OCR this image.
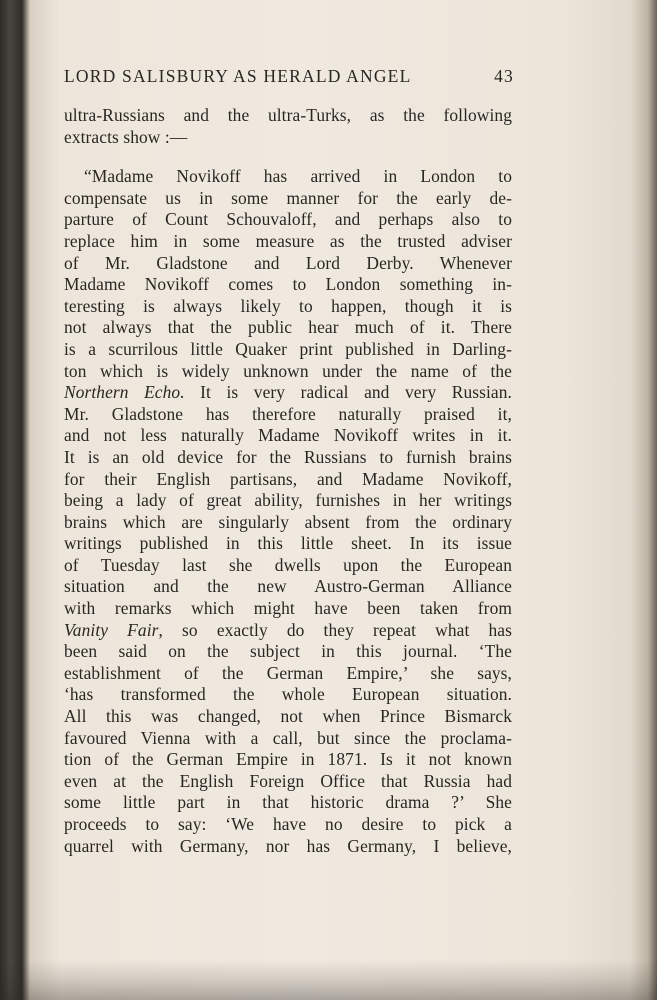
LORD SALISBURY AS HERALD ANGEL	43
ultra-Russians and the ultra-Turks, as the following
extracts show :—
“Madame Novikoff has arrived in London to
compensate us in some manner for the early de-
parture of Count Schouvaloff, and perhaps also to
replace him in some measure as the trusted adviser
of Mr. Gladstone and Lord Derby. Whenever
Madame Novikoff comes to London something in-
teresting is always likely to happen, though it is
not always that the public hear much of it. There
is a scurrilous little Quaker print published in Darling-
ton which is widely unknown under the name of the
Northern Echo. It is very radical and very Russian.
Mr. Gladstone has therefore naturally praised it,
and not less naturally Madame Novikoff writes in it.
It is an old device for the Russians to furnish brains
for their English partisans, and Madame Novikoff,
being a lady of great ability, furnishes in her writings
brains which are singularly absent from the ordinary
writings published in this little sheet. In its issue
of Tuesday last she dwells upon the European
situation and the new Austro-German Alliance
with remarks which might have been taken from
Vanity Fair, so exactly do they repeat what has
been said on the subject in this journal. ‘The
establishment of the German Empire,’ she says,
‘has transformed the whole European situation.
All this was changed, not when Prince Bismarck
favoured Vienna with a call, but since the proclama-
tion of the German Empire in 1871. Is it not known
even at the English Foreign Office that Russia had
some little part in that historic drama ?’ She
proceeds to say: ‘We have no desire to pick a
quarrel with Germany, nor has Germany, I believe,
